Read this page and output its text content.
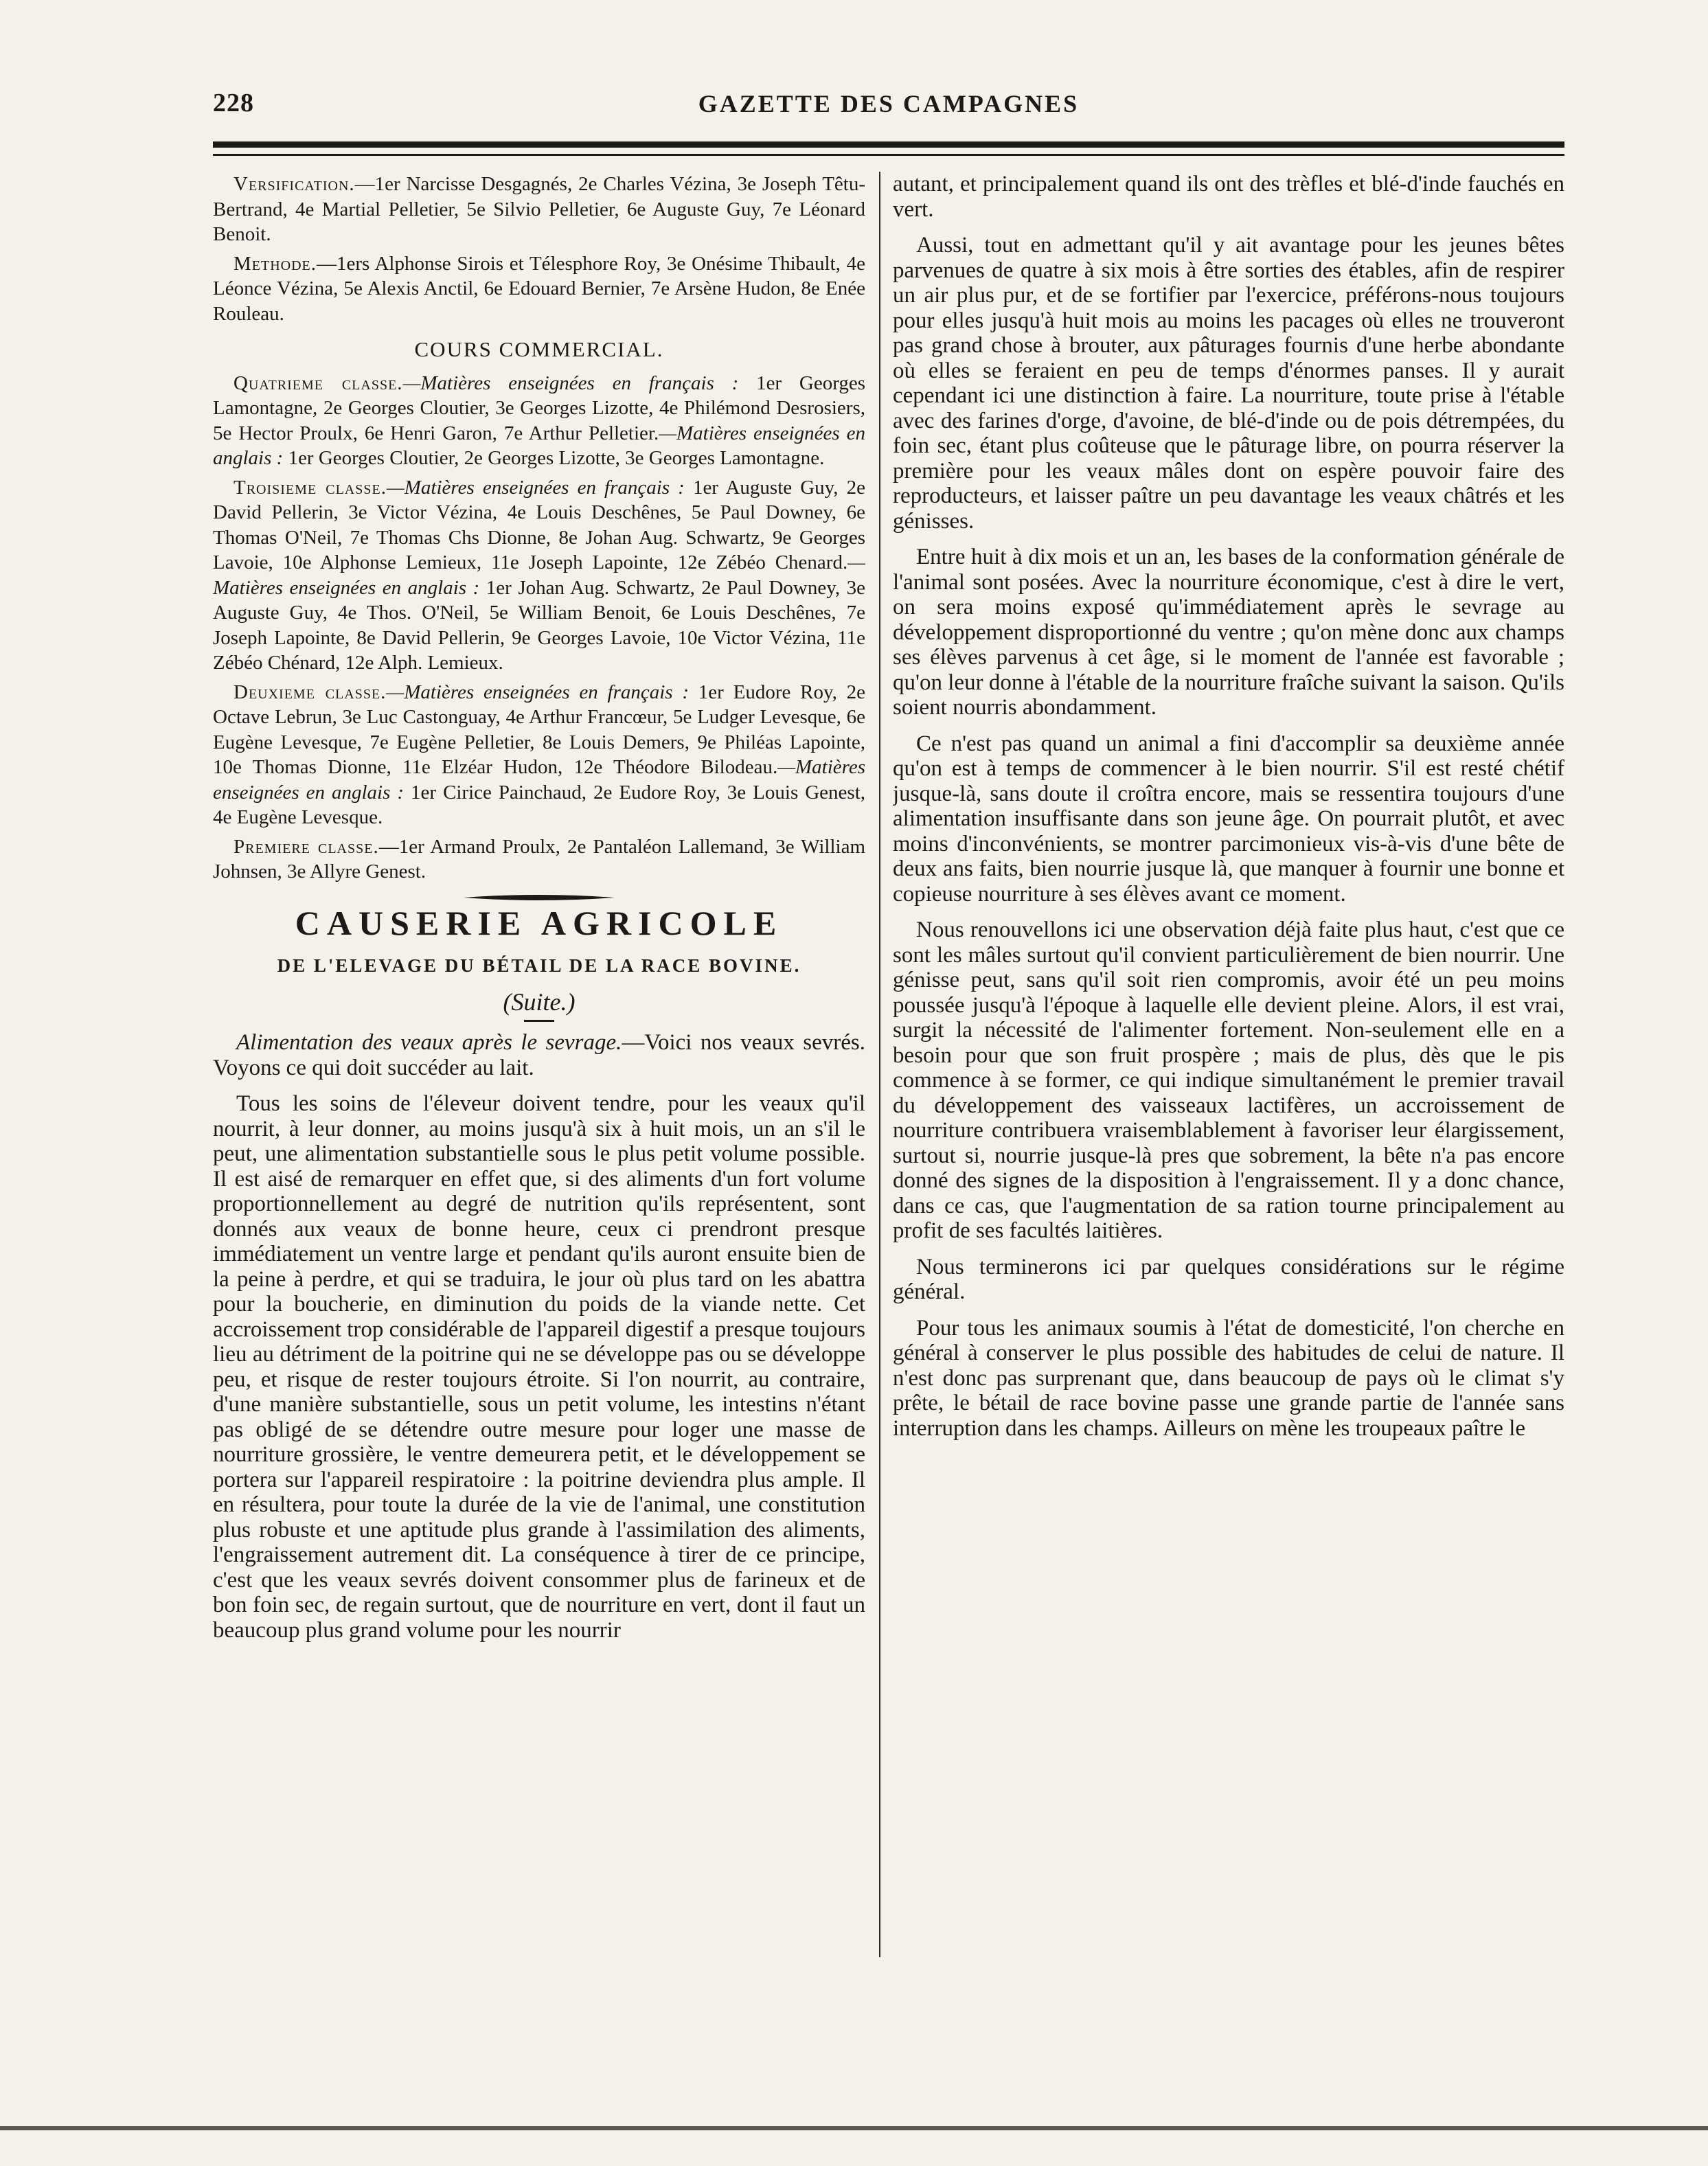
228	GAZETTE DES CAMPAGNES

Versification.—1er Narcisse Desgagnés, 2e Charles Vézina, 3e Joseph Têtu-Bertrand, 4e Martial Pelletier, 5e Silvio Pelletier, 6e Auguste Guy, 7e Léonard Benoit.

Methode.—1ers Alphonse Sirois et Télesphore Roy, 3e Onésime Thibault, 4e Léonce Vézina, 5e Alexis Anctil, 6e Edouard Bernier, 7e Arsène Hudon, 8e Enée Rouleau.

COURS COMMERCIAL.

Quatrieme classe.—Matières enseignées en français : 1er Georges Lamontagne, 2e Georges Cloutier, 3e Georges Lizotte, 4e Philémond Desrosiers, 5e Hector Proulx, 6e Henri Garon, 7e Arthur Pelletier.—Matières enseignées en anglais : 1er Georges Cloutier, 2e Georges Lizotte, 3e Georges Lamontagne.

Troisieme classe.—Matières enseignées en français : 1er Auguste Guy, 2e David Pellerin, 3e Victor Vézina, 4e Louis Deschênes, 5e Paul Downey, 6e Thomas O'Neil, 7e Thomas Chs Dionne, 8e Johan Aug. Schwartz, 9e Georges Lavoie, 10e Alphonse Lemieux, 11e Joseph Lapointe, 12e Zébéo Chenard.—Matières enseignées en anglais : 1er Johan Aug. Schwartz, 2e Paul Downey, 3e Auguste Guy, 4e Thos. O'Neil, 5e William Benoit, 6e Louis Deschênes, 7e Joseph Lapointe, 8e David Pellerin, 9e Georges Lavoie, 10e Victor Vézina, 11e Zébéo Chénard, 12e Alph. Lemieux.

Deuxieme classe.—Matières enseignées en français : 1er Eudore Roy, 2e Octave Lebrun, 3e Luc Castonguay, 4e Arthur Francœur, 5e Ludger Levesque, 6e Eugène Levesque, 7e Eugène Pelletier, 8e Louis Demers, 9e Philéas Lapointe, 10e Thomas Dionne, 11e Elzéar Hudon, 12e Théodore Bilodeau.—Matières enseignées en anglais : 1er Cirice Painchaud, 2e Eudore Roy, 3e Louis Genest, 4e Eugène Levesque.

Premiere classe.—1er Armand Proulx, 2e Pantaléon Lallemand, 3e William Johnsen, 3e Allyre Genest.

CAUSERIE AGRICOLE
DE L'ELEVAGE DU BÉTAIL DE LA RACE BOVINE.
(Suite.)

Alimentation des veaux après le sevrage.—Voici nos veaux sevrés. Voyons ce qui doit succéder au lait.

Tous les soins de l'éleveur doivent tendre, pour les veaux qu'il nourrit, à leur donner, au moins jusqu'à six à huit mois, un an s'il le peut, une alimentation substantielle sous le plus petit volume possible. Il est aisé de remarquer en effet que, si des aliments d'un fort volume proportionnellement au degré de nutrition qu'ils représentent, sont donnés aux veaux de bonne heure, ceux ci prendront presque immédiatement un ventre large et pendant qu'ils auront ensuite bien de la peine à perdre, et qui se traduira, le jour où plus tard on les abattra pour la boucherie, en diminution du poids de la viande nette. Cet accroissement trop considérable de l'appareil digestif a presque toujours lieu au détriment de la poitrine qui ne se développe pas ou se développe peu, et risque de rester toujours étroite. Si l'on nourrit, au contraire, d'une manière substantielle, sous un petit volume, les intestins n'étant pas obligé de se détendre outre mesure pour loger une masse de nourriture grossière, le ventre demeurera petit, et le développement se portera sur l'appareil respiratoire : la poitrine deviendra plus ample. Il en résultera, pour toute la durée de la vie de l'animal, une constitution plus robuste et une aptitude plus grande à l'assimilation des aliments, l'engraissement autrement dit. La conséquence à tirer de ce principe, c'est que les veaux sevrés doivent consommer plus de farineux et de bon foin sec, de regain surtout, que de nourriture en vert, dont il faut un beaucoup plus grand volume pour les nourrir

autant, et principalement quand ils ont des trèfles et blé-d'inde fauchés en vert.

Aussi, tout en admettant qu'il y ait avantage pour les jeunes bêtes parvenues de quatre à six mois à être sorties des étables, afin de respirer un air plus pur, et de se fortifier par l'exercice, préférons-nous toujours pour elles jusqu'à huit mois au moins les pacages où elles ne trouveront pas grand chose à brouter, aux pâturages fournis d'une herbe abondante où elles se feraient en peu de temps d'énormes panses. Il y aurait cependant ici une distinction à faire. La nourriture, toute prise à l'étable avec des farines d'orge, d'avoine, de blé-d'inde ou de pois détrempées, du foin sec, étant plus coûteuse que le pâturage libre, on pourra réserver la première pour les veaux mâles dont on espère pouvoir faire des reproducteurs, et laisser paître un peu davantage les veaux châtrés et les génisses.

Entre huit à dix mois et un an, les bases de la conformation générale de l'animal sont posées. Avec la nourriture économique, c'est à dire le vert, on sera moins exposé qu'immédiatement après le sevrage au développement disproportionné du ventre ; qu'on mène donc aux champs ses élèves parvenus à cet âge, si le moment de l'année est favorable ; qu'on leur donne à l'étable de la nourriture fraîche suivant la saison. Qu'ils soient nourris abondamment.

Ce n'est pas quand un animal a fini d'accomplir sa deuxième année qu'on est à temps de commencer à le bien nourrir. S'il est resté chétif jusque-là, sans doute il croîtra encore, mais se ressentira toujours d'une alimentation insuffisante dans son jeune âge. On pourrait plutôt, et avec moins d'inconvénients, se montrer parcimonieux vis-à-vis d'une bête de deux ans faits, bien nourrie jusque là, que manquer à fournir une bonne et copieuse nourriture à ses élèves avant ce moment.

Nous renouvellons ici une observation déjà faite plus haut, c'est que ce sont les mâles surtout qu'il convient particulièrement de bien nourrir. Une génisse peut, sans qu'il soit rien compromis, avoir été un peu moins poussée jusqu'à l'époque à laquelle elle devient pleine. Alors, il est vrai, surgit la nécessité de l'alimenter fortement. Non-seulement elle en a besoin pour que son fruit prospère ; mais de plus, dès que le pis commence à se former, ce qui indique simultanément le premier travail du développement des vaisseaux lactifères, un accroissement de nourriture contribuera vraisemblablement à favoriser leur élargissement, surtout si, nourrie jusque-là pres que sobrement, la bête n'a pas encore donné des signes de la disposition à l'engraissement. Il y a donc chance, dans ce cas, que l'augmentation de sa ration tourne principalement au profit de ses facultés laitières.

Nous terminerons ici par quelques considérations sur le régime général.

Pour tous les animaux soumis à l'état de domesticité, l'on cherche en général à conserver le plus possible des habitudes de celui de nature. Il n'est donc pas surprenant que, dans beaucoup de pays où le climat s'y prête, le bétail de race bovine passe une grande partie de l'année sans interruption dans les champs. Ailleurs on mène les troupeaux paître le
